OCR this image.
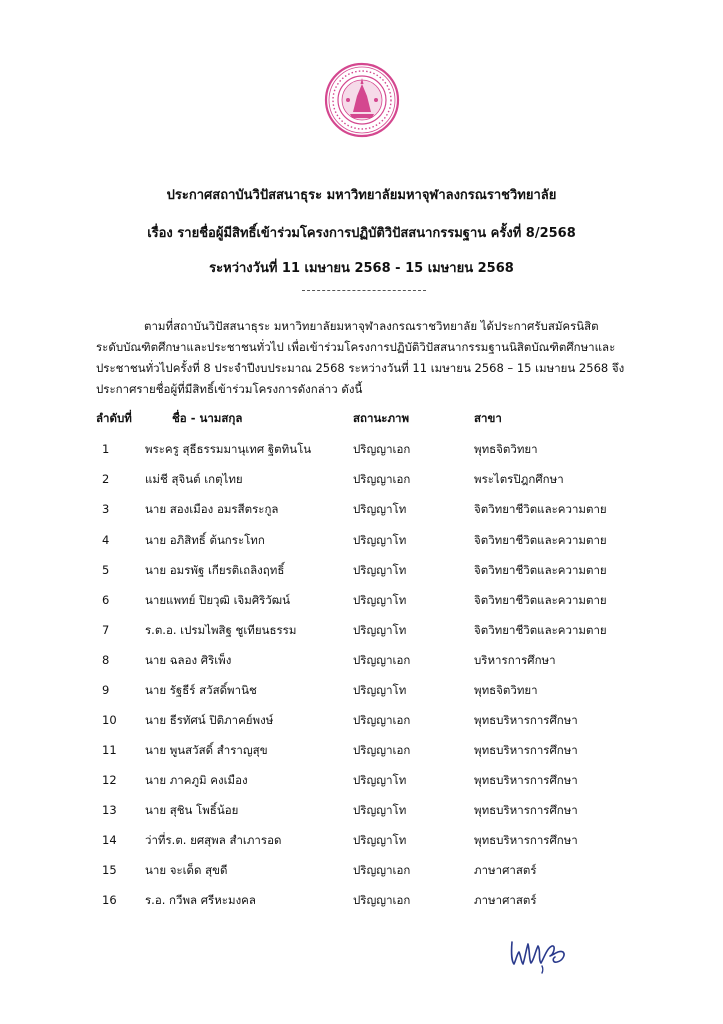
ประกาศสถาบันวิปัสสนาธุระ มหาวิทยาลัยมหาจุฬาลงกรณราชวิทยาลัย
เรื่อง รายชื่อผู้มีสิทธิ์เข้าร่วมโครงการปฏิบัติวิปัสสนากรรมฐาน ครั้งที่ 8/2568
ระหว่างวันที่ 11 เมษายน 2568 - 15 เมษายน 2568

ตามที่สถาบันวิปัสสนาธุระ มหาวิทยาลัยมหาจุฬาลงกรณราชวิทยาลัย ได้ประกาศรับสมัครนิสิต
ระดับบัณฑิตศึกษาและประชาชนทั่วไป เพื่อเข้าร่วมโครงการปฏิบัติวิปัสสนากรรมฐานนิสิตบัณฑิตศึกษาและ
ประชาชนทั่วไปครั้งที่ 8 ประจำปีงบประมาณ 2568 ระหว่างวันที่ 11 เมษายน 2568 – 15 เมษายน 2568 จึง
ประกาศรายชื่อผู้ที่มีสิทธิ์เข้าร่วมโครงการดังกล่าว ดังนี้

ลำดับที่	ชื่อ - นามสกุล	สถานะภาพ	สาขา
1	พระครู สุธีธรรมมานุเทศ ฐิตทินโน	ปริญญาเอก	พุทธจิตวิทยา
2	แม่ชี สุจินต์ เกตุไทย	ปริญญาเอก	พระไตรปิฎกศึกษา
3	นาย สองเมือง อมรสีตระกูล	ปริญญาโท	จิตวิทยาชีวิตและความตาย
4	นาย อภิสิทธิ์ ต้นกระโทก	ปริญญาโท	จิตวิทยาชีวิตและความตาย
5	นาย อมรพัฐ เกียรติเถลิงฤทธิ์	ปริญญาโท	จิตวิทยาชีวิตและความตาย
6	นายแพทย์ ปิยวุฒิ เจิมศิริวัฒน์	ปริญญาโท	จิตวิทยาชีวิตและความตาย
7	ร.ต.อ. เปรมไพสิฐ ชูเทียนธรรม	ปริญญาโท	จิตวิทยาชีวิตและความตาย
8	นาย ฉลอง ศิริเพ็ง	ปริญญาเอก	บริหารการศึกษา
9	นาย รัฐธีร์ สวัสดิ์พานิช	ปริญญาโท	พุทธจิตวิทยา
10 นาย ธีรทัศน์ ปิติภาคย์พงษ์	ปริญญาเอก	พุทธบริหารการศึกษา
11 นาย พูนสวัสดิ์ สำราญสุข	ปริญญาเอก	พุทธบริหารการศึกษา
12 นาย ภาคภูมิ คงเมือง	ปริญญาโท	พุทธบริหารการศึกษา
13 นาย สุชิน โพธิ์น้อย	ปริญญาโท	พุทธบริหารการศึกษา
14 ว่าที่ร.ต. ยศสุพล สำเภารอด	ปริญญาโท	พุทธบริหารการศึกษา
15 นาย จะเด็ด สุขดี	ปริญญาเอก	ภาษาศาสตร์
16 ร.อ. กวีพล ศรีหะมงคล	ปริญญาเอก	ภาษาศาสตร์
